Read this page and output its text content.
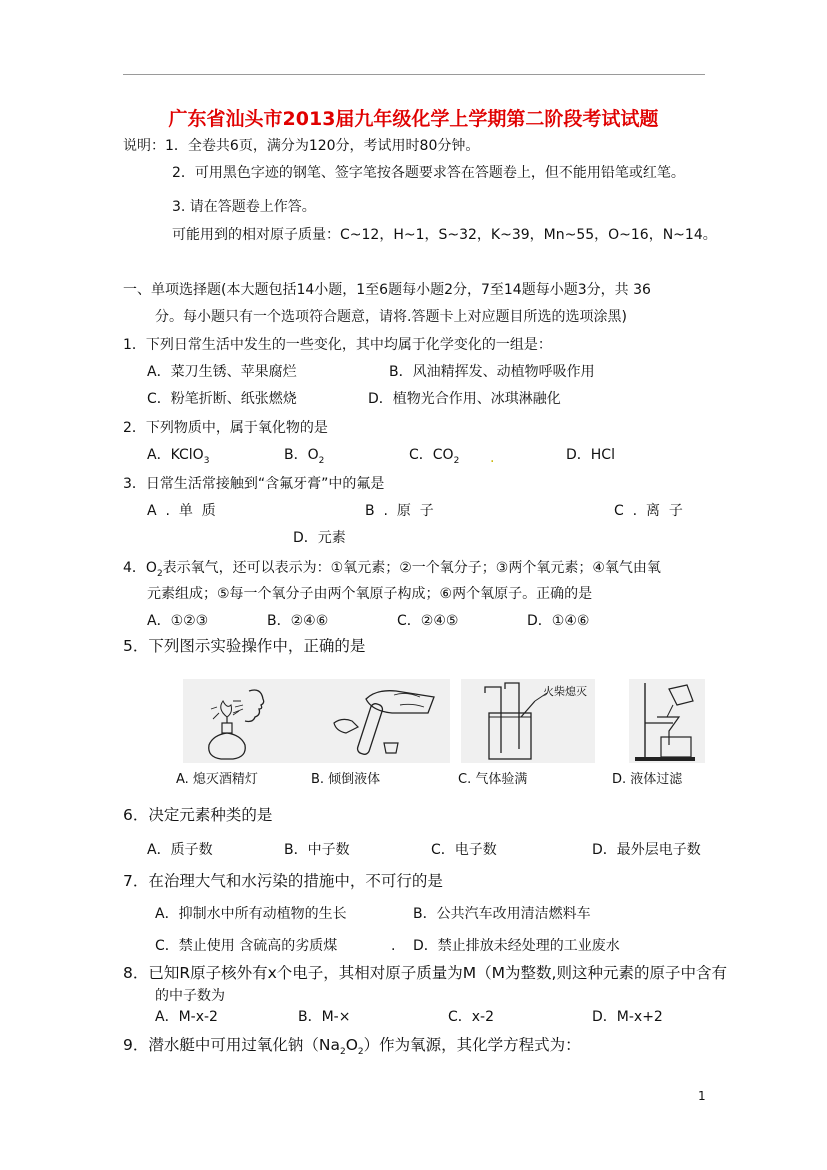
广东省汕头市2013届九年级化学上学期第二阶段考试试题
说明：1．全卷共6页，满分为120分，考试用时80分钟。
2．可用黑色字迹的钢笔、签字笔按各题要求答在答题卷上，但不能用铅笔或红笔。
3. 请在答题卷上作答。
可能用到的相对原子质量：C~12，H~1，S~32，K~39，Mn~55，O~16，N~14。
一、单项选择题(本大题包括14小题，1至6题每小题2分，7至14题每小题3分，共 36
分。每小题只有一个选项符合题意，请将.答题卡上对应题目所选的选项涂黑)
1．下列日常生活中发生的一些变化，其中均属于化学变化的一组是：
A．菜刀生锈、苹果腐烂	B．风油精挥发、动植物呼吸作用
C．粉笔折断、纸张燃烧	D．植物光合作用、冰琪淋融化
2．下列物质中，属于氧化物的是
A．KClO$_3$	B．$O_2$	C．$CO_2$ .	D．HCl
3．日常生活常接触到“含氟牙膏”中的氟是
A  .  单  质	B  .  原  子	C  .  离  子
D．元素
4．$O_2$表示氧气，还可以表示为：①氧元素；②一个氧分子；③两个氧元素；④氧气由氧
元素组成；⑤每一个氧分子由两个氧原子构成；⑥两个氧原子。正确的是
A．①②③	B．②④⑥	C．②④⑤	D．①④⑥
5．下列图示实验操作中，正确的是
A. 熄灭酒精灯	B. 倾倒液体
火柴熄灭
C. 气体验满	D. 液体过滤
6．决定元素种类的是
A．质子数	B．中子数	C．电子数	D．最外层电子数
7．在治理大气和水污染的措施中，不可行的是
A．抑制水中所有动植物的生长	B．公共汽车改用清洁燃料车
C．禁止使用 含硫高的劣质煤	. D．禁止排放未经处理的工业废水
8．已知R原子核外有x个电子，其相对原子质量为M（M为整数,则这种元素的原子中含有
的中子数为
A．M-x-2	B．M-×	C．x-2	D．M-x+2
9．潜水艇中可用过氧化钠$(Na_2O_2)$作为氧源，其化学方程式为：
1
